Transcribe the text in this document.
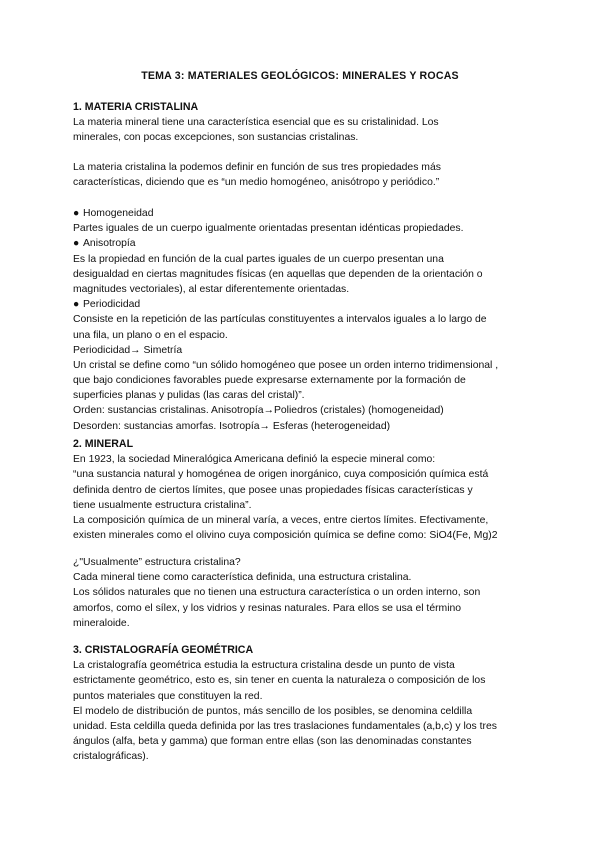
TEMA 3: MATERIALES GEOLÓGICOS: MINERALES Y ROCAS
1. MATERIA CRISTALINA
La materia mineral tiene una característica esencial que es su cristalinidad. Los
minerales, con pocas excepciones, son sustancias cristalinas.
La materia cristalina la podemos definir en función de sus tres propiedades más
características, diciendo que es “un medio homogéneo, anisótropo y periódico.”
● Homogeneidad
Partes iguales de un cuerpo igualmente orientadas presentan idénticas propiedades.
● Anisotropía
Es la propiedad en función de la cual partes iguales de un cuerpo presentan una
desigualdad en ciertas magnitudes físicas (en aquellas que dependen de la orientación o
magnitudes vectoriales), al estar diferentemente orientadas.
● Periodicidad
Consiste en la repetición de las partículas constituyentes a intervalos iguales a lo largo de
una fila, un plano o en el espacio.
Periodicidad→ Simetría
Un cristal se define como “un sólido homogéneo que posee un orden interno tridimensional ,
que bajo condiciones favorables puede expresarse externamente por la formación de
superficies planas y pulidas (las caras del cristal)”.
Orden: sustancias cristalinas. Anisotropía→Poliedros (cristales) (homogeneidad)
Desorden: sustancias amorfas. Isotropía→ Esferas (heterogeneidad)
2. MINERAL
En 1923, la sociedad Mineralógica Americana definió la especie mineral como:
“una sustancia natural y homogénea de origen inorgánico, cuya composición química está
definida dentro de ciertos límites, que posee unas propiedades físicas características y
tiene usualmente estructura cristalina”.
La composición química de un mineral varía, a veces, entre ciertos límites. Efectivamente,
existen minerales como el olivino cuya composición química se define como: SiO4(Fe, Mg)2
¿"Usualmente” estructura cristalina?
Cada mineral tiene como característica definida, una estructura cristalina.
Los sólidos naturales que no tienen una estructura característica o un orden interno, son
amorfos, como el sílex, y los vidrios y resinas naturales. Para ellos se usa el término
mineraloide.
3. CRISTALOGRAFÍA GEOMÉTRICA
La cristalografía geométrica estudia la estructura cristalina desde un punto de vista
estrictamente geométrico, esto es, sin tener en cuenta la naturaleza o composición de los
puntos materiales que constituyen la red.
El modelo de distribución de puntos, más sencillo de los posibles, se denomina celdilla
unidad. Esta celdilla queda definida por las tres traslaciones fundamentales (a,b,c) y los tres
ángulos (alfa, beta y gamma) que forman entre ellas (son las denominadas constantes
cristalográficas).
